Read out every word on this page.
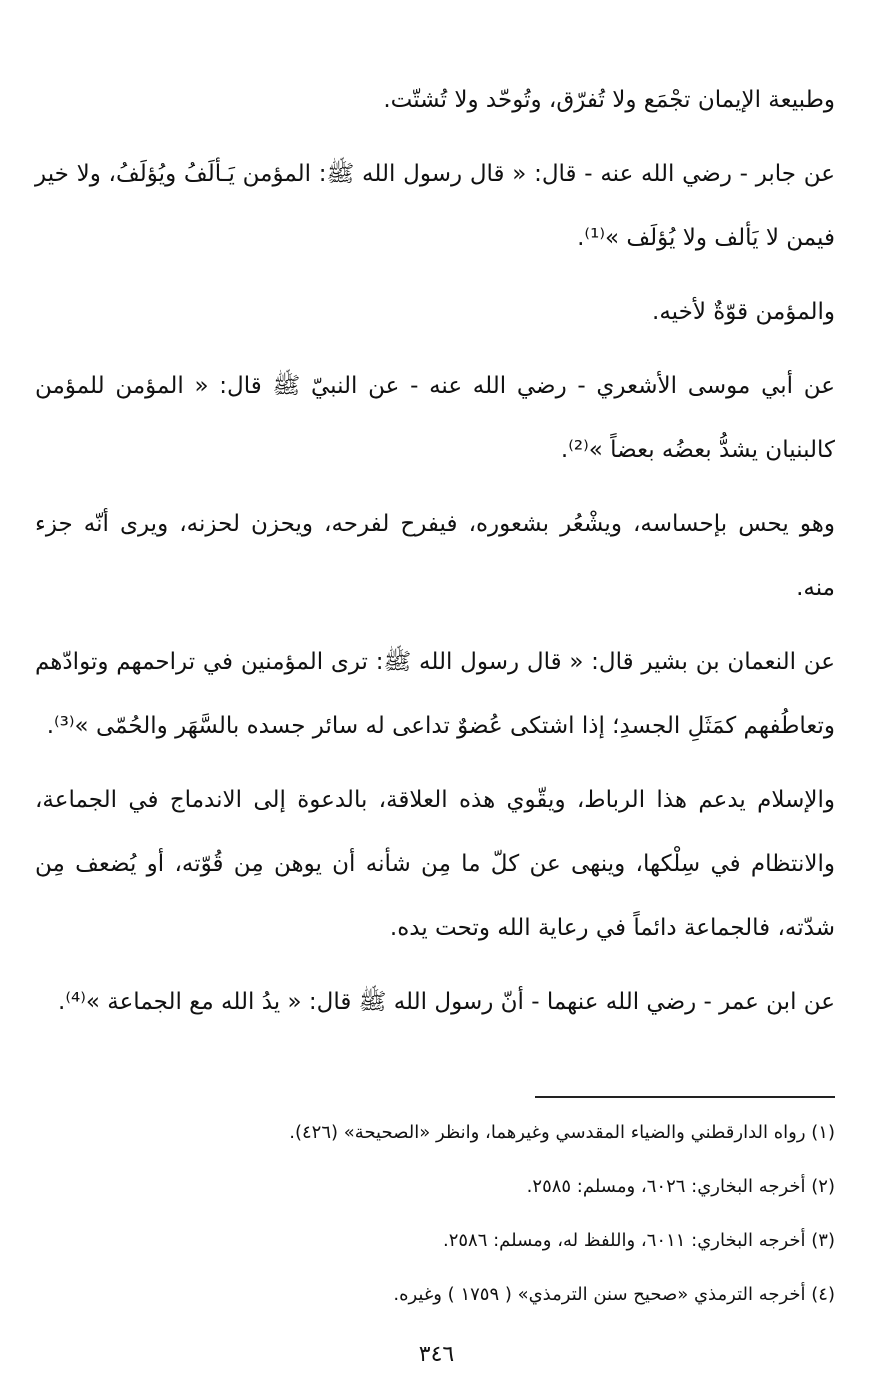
وطبيعة الإيمان تجْمَع ولا تُفرّق، وتُوحّد ولا تُشتّت.

عن جابر - رضي الله عنه - قال: « قال رسول الله ﷺ: المؤمن يَـألَفُ ويُؤلَفُ، ولا خير فيمن لا يَألف ولا يُؤلَف »⁽¹⁾.

والمؤمن قوّةٌ لأخيه.

عن أبي موسى الأشعري - رضي الله عنه - عن النبيّ ﷺ قال: « المؤمن للمؤمن كالبنيان يشدُّ بعضُه بعضاً »⁽²⁾.

وهو يحس بإحساسه، ويشْعُر بشعوره، فيفرح لفرحه، ويحزن لحزنه، ويرى أنّه جزء منه.

عن النعمان بن بشير قال: « قال رسول الله ﷺ: ترى المؤمنين في تراحمهم وتوادّهم وتعاطُفهم كمَثَلِ الجسدِ؛ إذا اشتكى عُضوٌ تداعى له سائر جسده بالسَّهَر والحُمّى »⁽³⁾.

والإسلام يدعم هذا الرباط، ويقّوي هذه العلاقة، بالدعوة إلى الاندماج في الجماعة، والانتظام في سِلْكها، وينهى عن كلّ ما مِن شأنه أن يوهن مِن قُوّته، أو يُضعف مِن شدّته، فالجماعة دائماً في رعاية الله وتحت يده.

عن ابن عمر - رضي الله عنهما - أنّ رسول الله ﷺ قال: « يدُ الله مع الجماعة »⁽⁴⁾.

(١) رواه الدارقطني والضياء المقدسي وغيرهما، وانظر «الصحيحة» (٤٢٦).

(٢) أخرجه البخاري: ٦٠٢٦، ومسلم: ٢٥٨٥.

(٣) أخرجه البخاري: ٦٠١١، واللفظ له، ومسلم: ٢٥٨٦.

(٤) أخرجه الترمذي «صحيح سنن الترمذي» ( ١٧٥٩ ) وغيره.

٣٤٦
